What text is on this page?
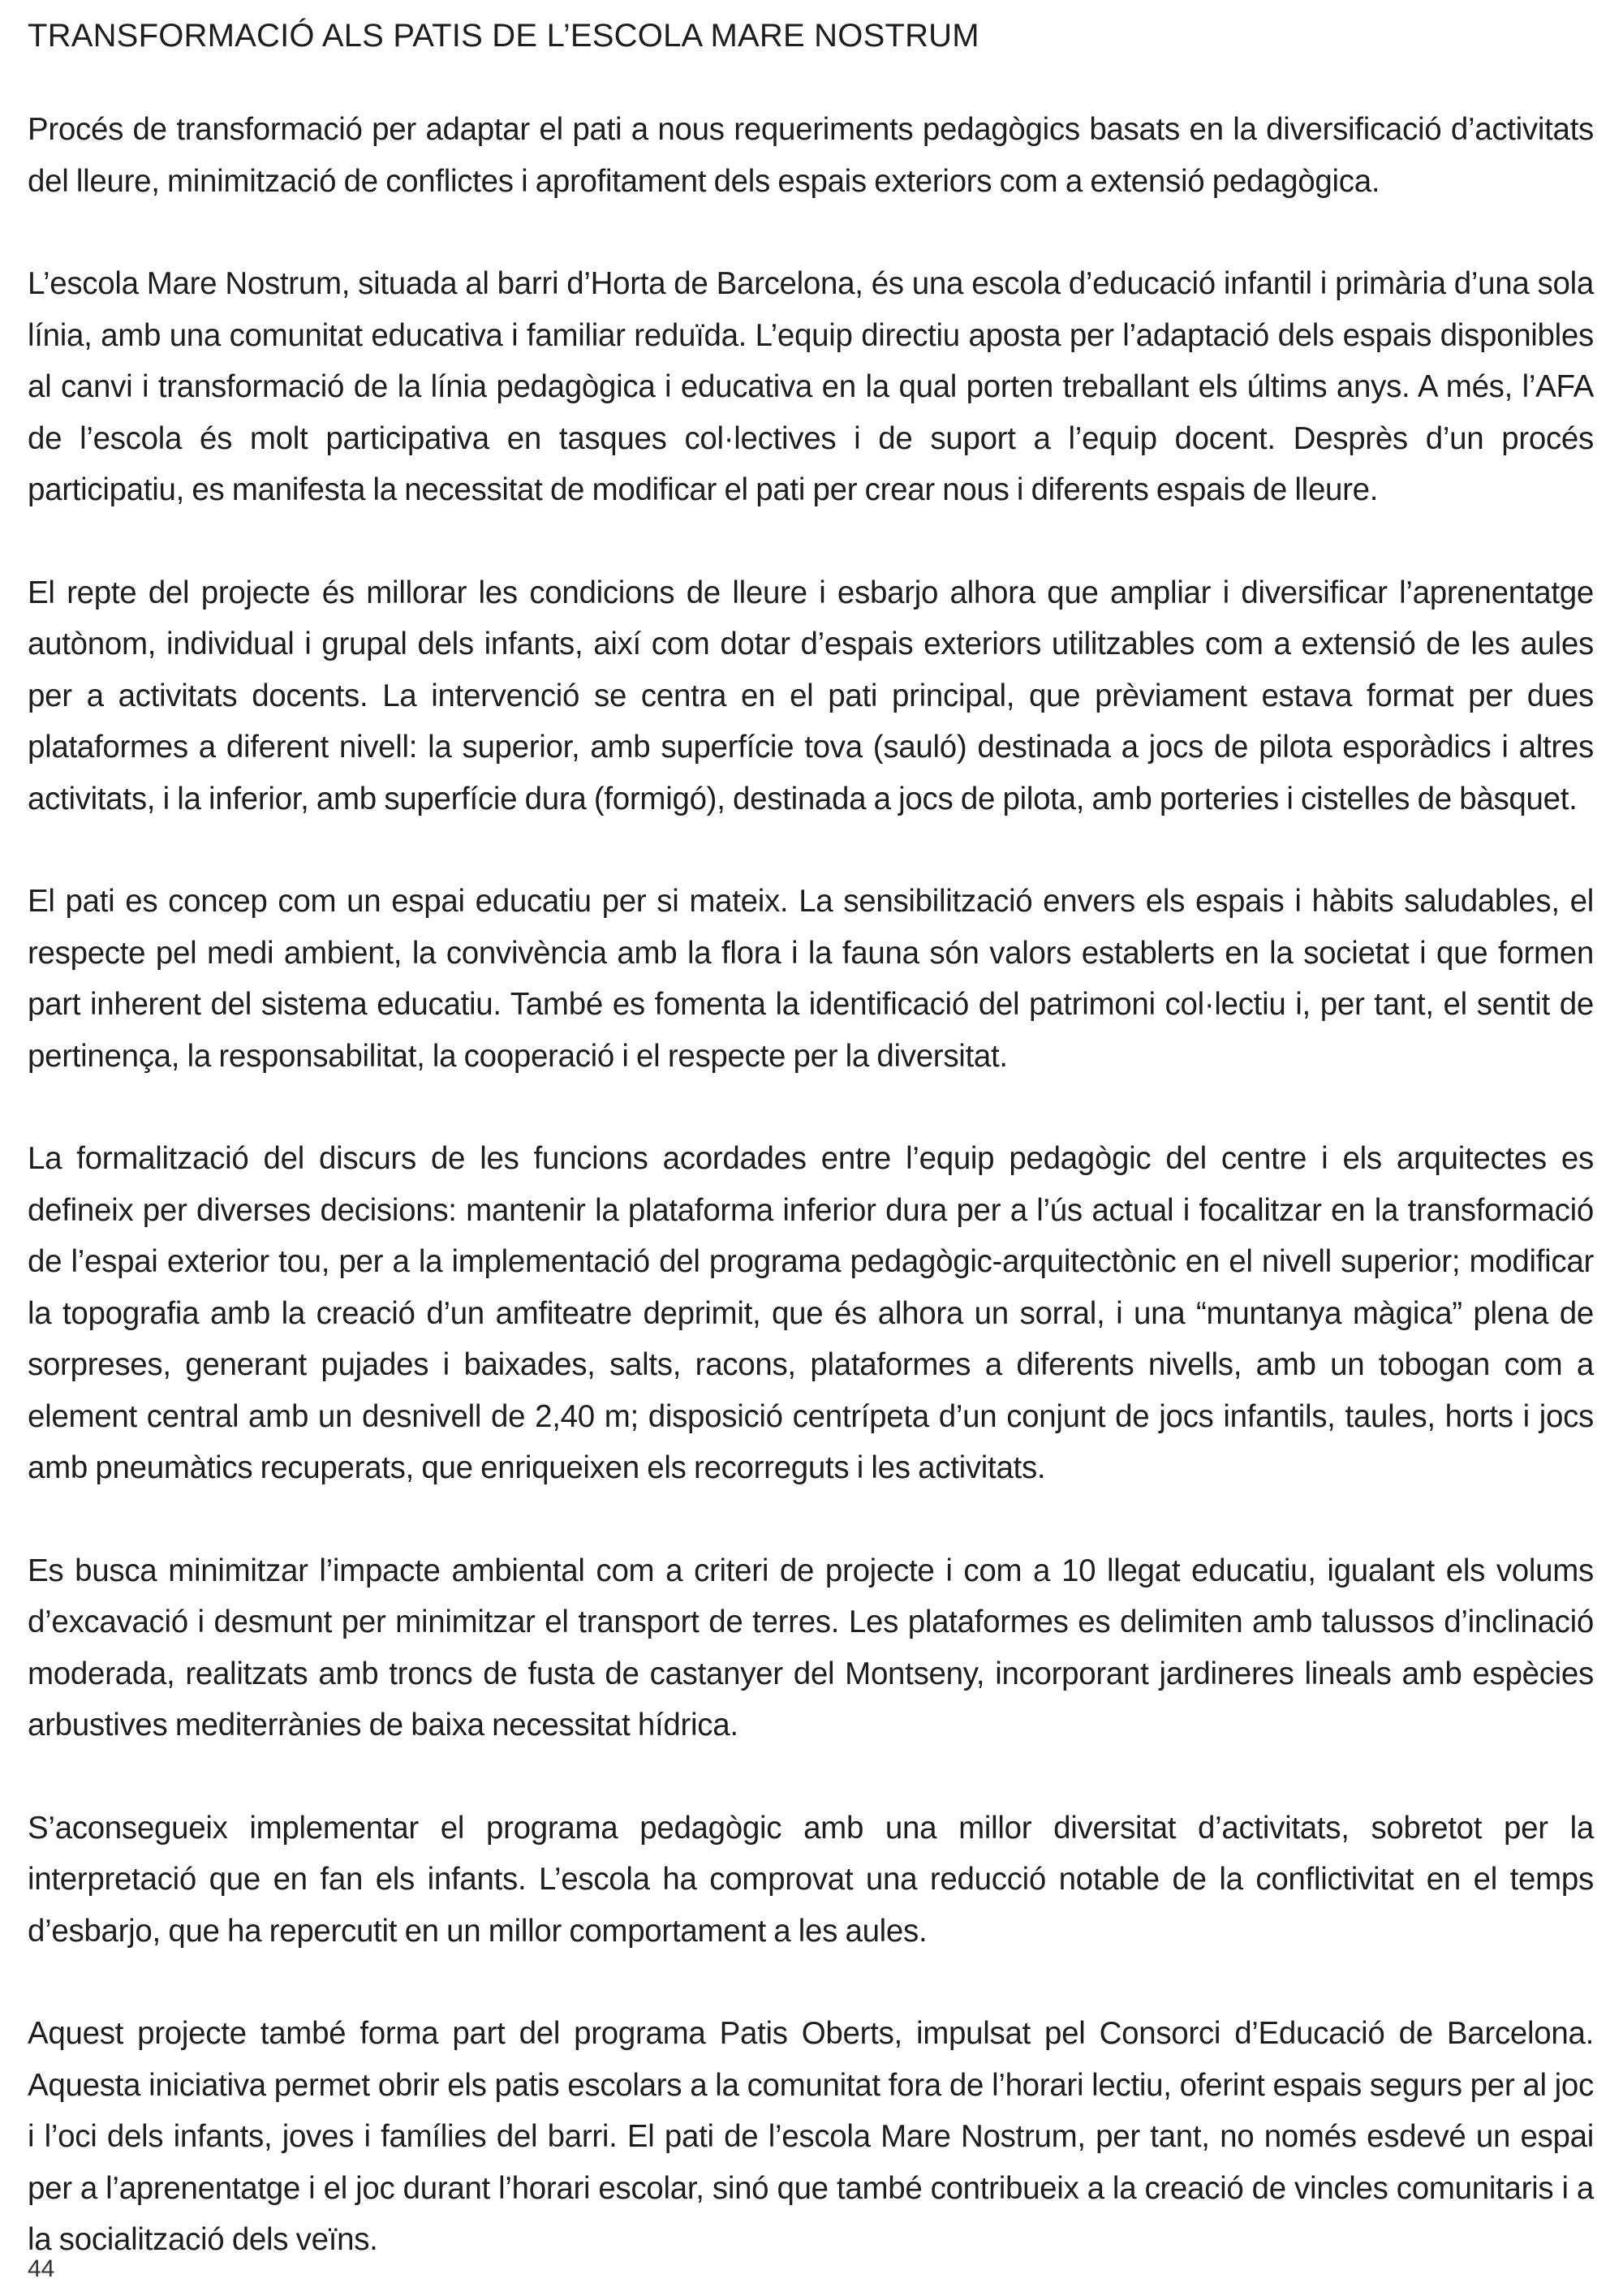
TRANSFORMACIÓ ALS PATIS DE L’ESCOLA MARE NOSTRUM

Procés de transformació per adaptar el pati a nous requeriments pedagògics basats en la diversificació d’activitats del lleure, minimització de conflictes i aprofitament dels espais exteriors com a extensió pedagògica.

L’escola Mare Nostrum, situada al barri d’Horta de Barcelona, és una escola d’educació infantil i primària d’una sola línia, amb una comunitat educativa i familiar reduïda. L’equip directiu aposta per l’adaptació dels espais disponibles al canvi i transformació de la línia pedagògica i educativa en la qual porten treballant els últims anys. A més, l’AFA de l’escola és molt participativa en tasques col·lectives i de suport a l’equip docent. Desprès d’un procés participatiu, es manifesta la necessitat de modificar el pati per crear nous i diferents espais de lleure.

El repte del projecte és millorar les condicions de lleure i esbarjo alhora que ampliar i diversificar l’aprenentatge autònom, individual i grupal dels infants, així com dotar d’espais exteriors utilitzables com a extensió de les aules per a activitats docents. La intervenció se centra en el pati principal, que prèviament estava format per dues plataformes a diferent nivell: la superior, amb superfície tova (sauló) destinada a jocs de pilota esporàdics i altres activitats, i la inferior, amb superfície dura (formigó), destinada a jocs de pilota, amb porteries i cistelles de bàsquet.

El pati es concep com un espai educatiu per si mateix. La sensibilització envers els espais i hàbits saludables, el respecte pel medi ambient, la convivència amb la flora i la fauna són valors establerts en la societat i que formen part inherent del sistema educatiu. També es fomenta la identificació del patrimoni col·lectiu i, per tant, el sentit de pertinença, la responsabilitat, la cooperació i el respecte per la diversitat.

La formalització del discurs de les funcions acordades entre l’equip pedagògic del centre i els arquitectes es defineix per diverses decisions: mantenir la plataforma inferior dura per a l’ús actual i focalitzar en la transformació de l’espai exterior tou, per a la implementació del programa pedagògic-arquitectònic en el nivell superior; modificar la topografia amb la creació d’un amfiteatre deprimit, que és alhora un sorral, i una “muntanya màgica” plena de sorpreses, generant pujades i baixades, salts, racons, plataformes a diferents nivells, amb un tobogan com a element central amb un desnivell de 2,40 m; disposició centrípeta d’un conjunt de jocs infantils, taules, horts i jocs amb pneumàtics recuperats, que enriqueixen els recorreguts i les activitats.

Es busca minimitzar l’impacte ambiental com a criteri de projecte i com a 10 llegat educatiu, igualant els volums d’excavació i desmunt per minimitzar el transport de terres. Les plataformes es delimiten amb talussos d’inclinació moderada, realitzats amb troncs de fusta de castanyer del Montseny, incorporant jardineres lineals amb espècies arbustives mediterrànies de baixa necessitat hídrica.

S’aconsegueix implementar el programa pedagògic amb una millor diversitat d’activitats, sobretot per la interpretació que en fan els infants. L’escola ha comprovat una reducció notable de la conflictivitat en el temps d’esbarjo, que ha repercutit en un millor comportament a les aules.

Aquest projecte també forma part del programa Patis Oberts, impulsat pel Consorci d’Educació de Barcelona. Aquesta iniciativa permet obrir els patis escolars a la comunitat fora de l’horari lectiu, oferint espais segurs per al joc i l’oci dels infants, joves i famílies del barri. El pati de l’escola Mare Nostrum, per tant, no només esdevé un espai per a l’aprenentatge i el joc durant l’horari escolar, sinó que també contribueix a la creació de vincles comunitaris i a la socialització dels veïns.

44
